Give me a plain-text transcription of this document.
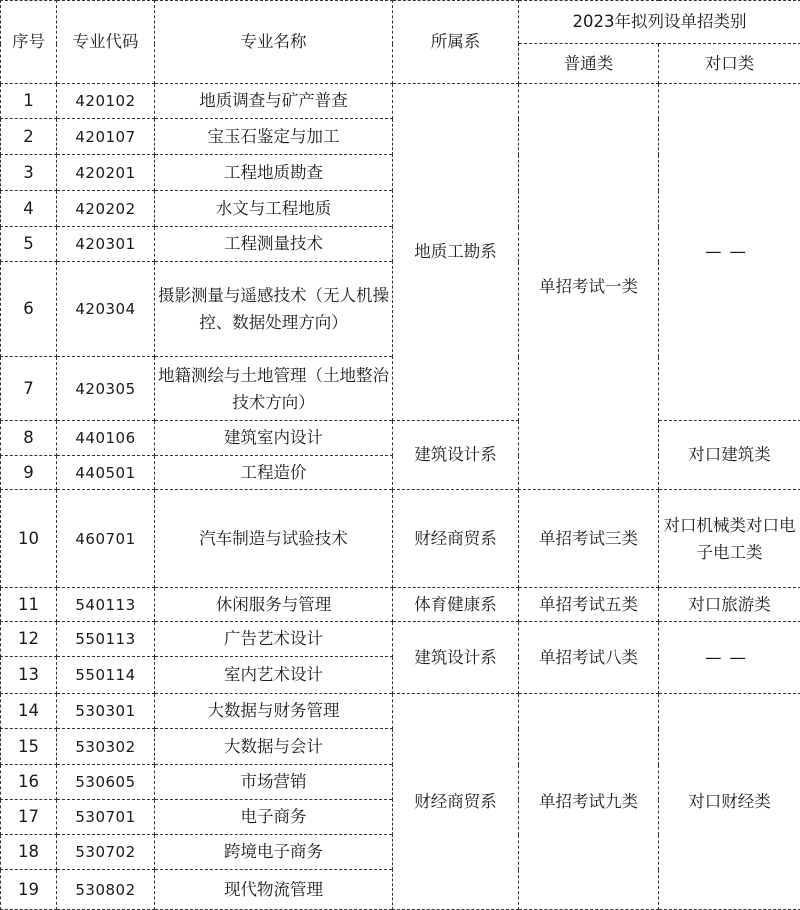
序号	专业代码	专业名称	所属系	2023年拟列设单招类别	
				普通类	对口类
1	420102	地质调查与矿产普查	地质工勘系	单招考试一类	——
2	420107	宝玉石鉴定与加工			
3	420201	工程地质勘查			
4	420202	水文与工程地质			
5	420301	工程测量技术			
6	420304	摄影测量与遥感技术（无人机操控、数据处理方向）			
7	420305	地籍测绘与土地管理（土地整治技术方向）			
8	440106	建筑室内设计	建筑设计系		对口建筑类
9	440501	工程造价			
10	460701	汽车制造与试验技术	财经商贸系	单招考试三类	对口机械类对口电子电工类
11	540113	休闲服务与管理	体育健康系	单招考试五类	对口旅游类
12	550113	广告艺术设计	建筑设计系	单招考试八类	——
13	550114	室内艺术设计			
14	530301	大数据与财务管理	财经商贸系	单招考试九类	对口财经类
15	530302	大数据与会计			
16	530605	市场营销			
17	530701	电子商务			
18	530702	跨境电子商务			
19	530802	现代物流管理			
